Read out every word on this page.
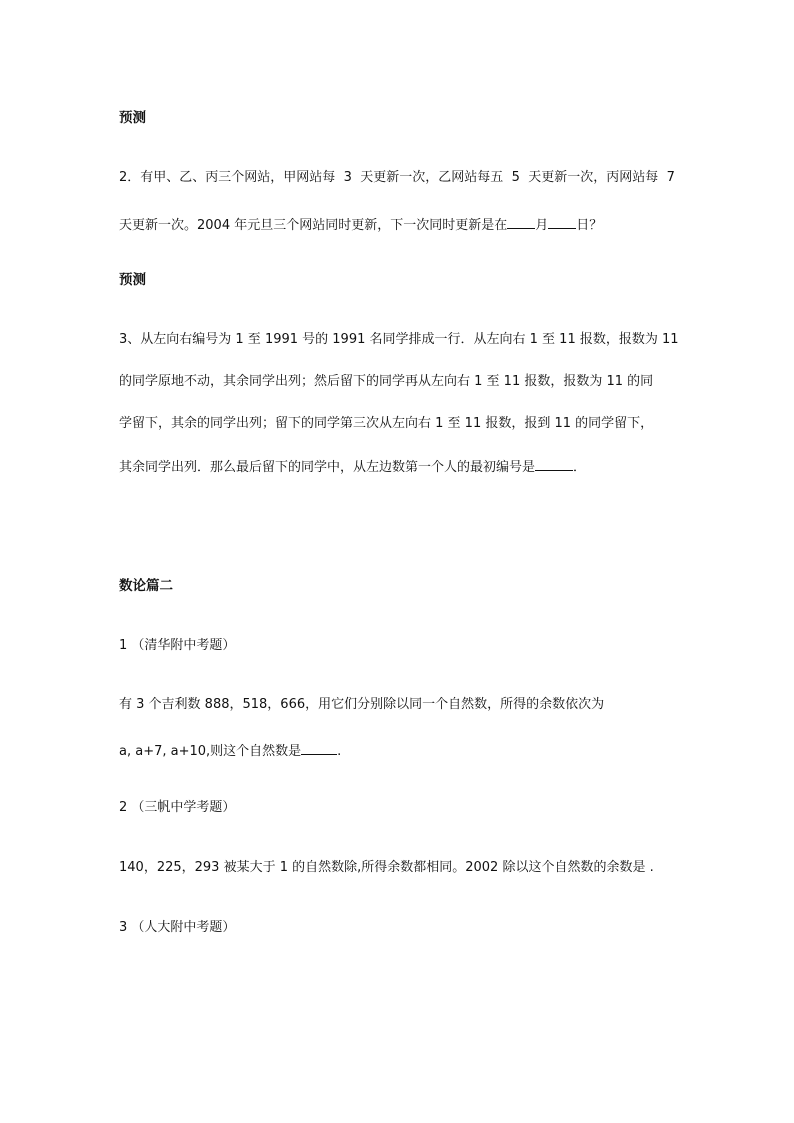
预测
2．有甲、乙、丙三个网站，甲网站每 3 天更新一次，乙网站每五 5 天更新一次，丙网站每 7
天更新一次。2004 年元旦三个网站同时更新，下一次同时更新是在 月 日？
预测
3、从左向右编号为 1 至 1991 号的 1991 名同学排成一行．从左向右 1 至 11 报数，报数为 11
的同学原地不动，其余同学出列；然后留下的同学再从左向右 1 至 11 报数，报数为 11 的同
学留下，其余的同学出列；留下的同学第三次从左向右 1 至 11 报数，报到 11 的同学留下，
其余同学出列．那么最后留下的同学中，从左边数第一个人的最初编号是	．
数论篇二
1 （清华附中考题）
有 3 个吉利数 888，518，666，用它们分别除以同一个自然数，所得的余数依次为
a, a+7, a+10,则这个自然数是	.
2 （三帆中学考题）
140，225，293 被某大于 1 的自然数除,所得余数都相同。2002 除以这个自然数的余数是 .
3 （人大附中考题）
